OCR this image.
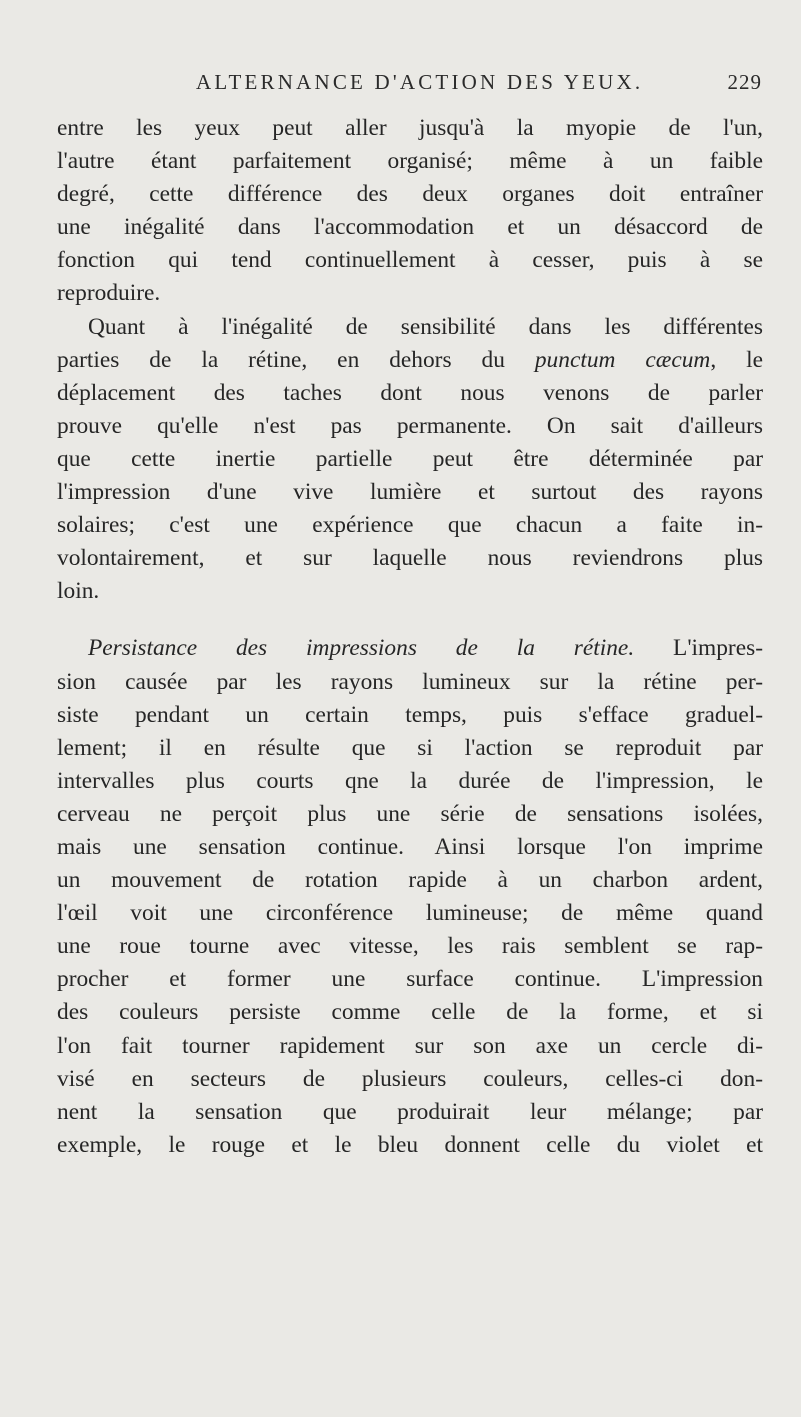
ALTERNANCE D'ACTION DES YEUX.	229
entre les yeux peut aller jusqu'à la myopie de l'un,
l'autre étant parfaitement organisé; même à un faible
degré, cette différence des deux organes doit entraîner
une inégalité dans l'accommodation et un désaccord de
fonction qui tend continuellement à cesser, puis à se
reproduire.
Quant à l'inégalité de sensibilité dans les différentes
parties de la rétine, en dehors du punctum cæcum, le
déplacement des taches dont nous venons de parler
prouve qu'elle n'est pas permanente. On sait d'ailleurs
que cette inertie partielle peut être déterminée par
l'impression d'une vive lumière et surtout des rayons
solaires; c'est une expérience que chacun a faite in-
volontairement, et sur laquelle nous reviendrons plus
loin.
Persistance des impressions de la rétine. L'impres-
sion causée par les rayons lumineux sur la rétine per-
siste pendant un certain temps, puis s'efface graduel-
lement; il en résulte que si l'action se reproduit par
intervalles plus courts qne la durée de l'impression, le
cerveau ne perçoit plus une série de sensations isolées,
mais une sensation continue. Ainsi lorsque l'on imprime
un mouvement de rotation rapide à un charbon ardent,
l'œil voit une circonférence lumineuse; de même quand
une roue tourne avec vitesse, les rais semblent se rap-
procher et former une surface continue. L'impression
des couleurs persiste comme celle de la forme, et si
l'on fait tourner rapidement sur son axe un cercle di-
visé en secteurs de plusieurs couleurs, celles-ci don-
nent la sensation que produirait leur mélange; par
exemple, le rouge et le bleu donnent celle du violet et
